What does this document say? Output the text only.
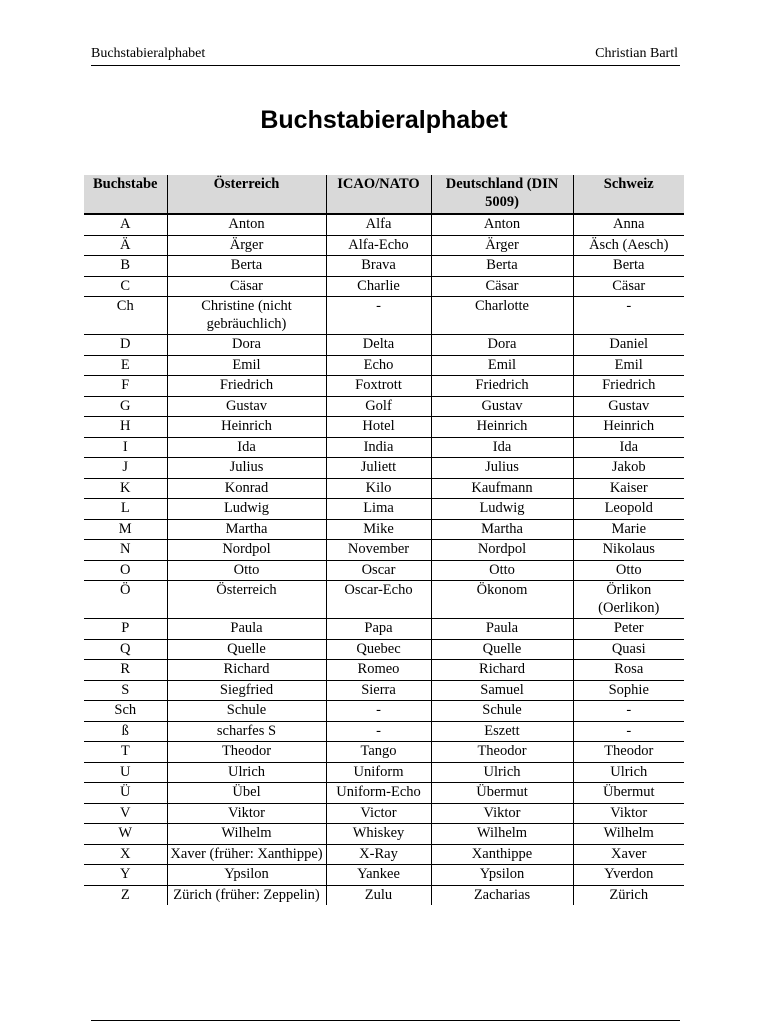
Buchstabieralphabet	Christian Bartl
Buchstabieralphabet
Buchstabe	Österreich	ICAO/NATO	Deutschland (DIN 5009)	Schweiz
A	Anton	Alfa	Anton	Anna
Ä	Ärger	Alfa-Echo	Ärger	Äsch (Aesch)
B	Berta	Brava	Berta	Berta
C	Cäsar	Charlie	Cäsar	Cäsar
Ch	Christine (nicht gebräuchlich)	-	Charlotte	-
D	Dora	Delta	Dora	Daniel
E	Emil	Echo	Emil	Emil
F	Friedrich	Foxtrott	Friedrich	Friedrich
G	Gustav	Golf	Gustav	Gustav
H	Heinrich	Hotel	Heinrich	Heinrich
I	Ida	India	Ida	Ida
J	Julius	Juliett	Julius	Jakob
K	Konrad	Kilo	Kaufmann	Kaiser
L	Ludwig	Lima	Ludwig	Leopold
M	Martha	Mike	Martha	Marie
N	Nordpol	November	Nordpol	Nikolaus
O	Otto	Oscar	Otto	Otto
Ö	Österreich	Oscar-Echo	Ökonom	Örlikon (Oerlikon)
P	Paula	Papa	Paula	Peter
Q	Quelle	Quebec	Quelle	Quasi
R	Richard	Romeo	Richard	Rosa
S	Siegfried	Sierra	Samuel	Sophie
Sch	Schule	-	Schule	-
ß	scharfes S	-	Eszett	-
T	Theodor	Tango	Theodor	Theodor
U	Ulrich	Uniform	Ulrich	Ulrich
Ü	Übel	Uniform-Echo	Übermut	Übermut
V	Viktor	Victor	Viktor	Viktor
W	Wilhelm	Whiskey	Wilhelm	Wilhelm
X	Xaver (früher: Xanthippe)	X-Ray	Xanthippe	Xaver
Y	Ypsilon	Yankee	Ypsilon	Yverdon
Z	Zürich (früher: Zeppelin)	Zulu	Zacharias	Zürich
